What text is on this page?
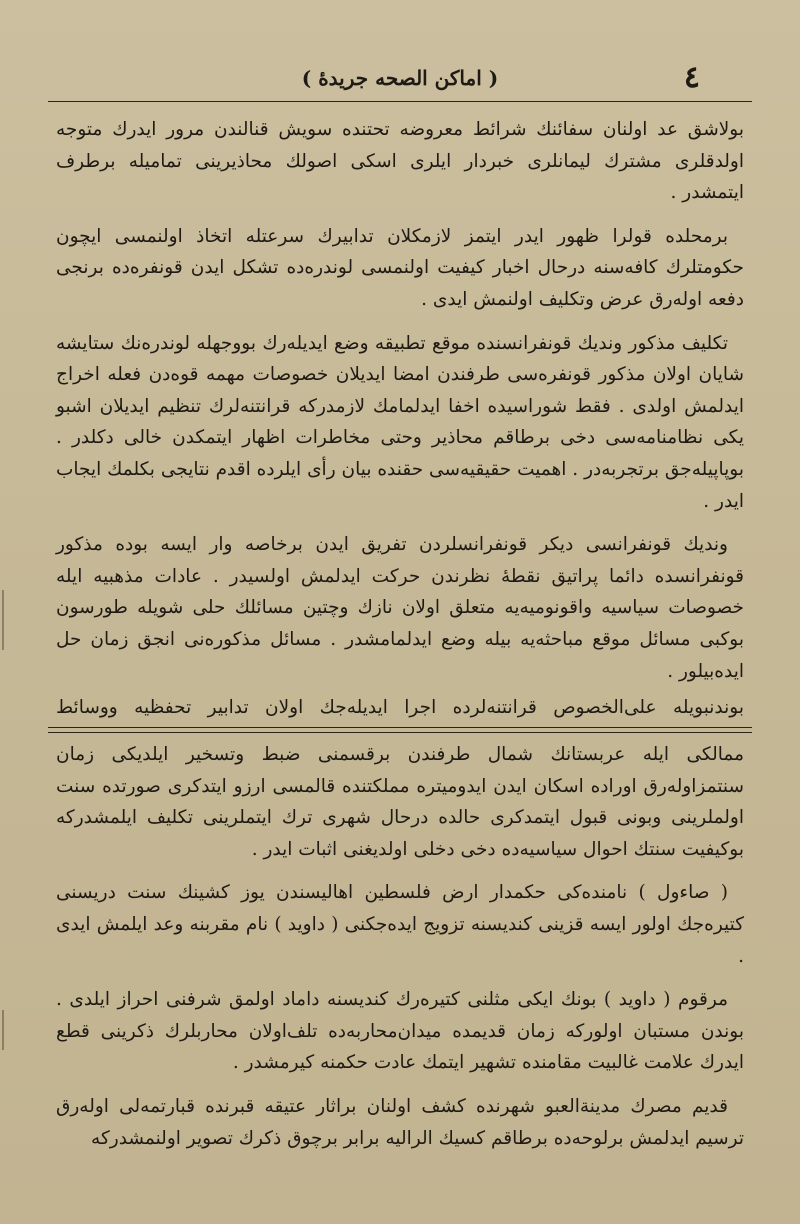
( اماكن الصحه جريدهٔ )	٤

بولاشق عد اولنان سفائنك شرائط معروضه تحتنده سويش قنالندن مرور ايدرك متوجه اولدقلرى مشترك ليمانلرى خبردار ايلرى اسكى اصولك محاذيرينى تماميله برطرف ايتمشدر .

برمحلده قولرا ظهور ايدر ايتمز لازمكلان تدابيرك سرعتله اتخاذ اولنمسى ايچون حكومتلرك كافه‌سنه درحال اخبار كيفيت اولنمسى لوندره‌ده تشكل ايدن قونفره‌ده برنجى دفعه اوله‌رق عرض وتكليف اولنمش ايدى .

تكليف مذكور ونديك قونفرانسنده موقع تطبيقه وضع ايديله‌رك بووجهله لوندره‌نك ستايشه شايان اولان مذكور قونفره‌سى طرفندن امضا ايديلان خصوصات مهمه قوه‌دن فعله اخراج ايدلمش اولدى . فقط شوراسيده اخفا ايدلمامك لازمدركه قرانتنه‌لرك تنظيم ايديلان اشبو يكى نظامنامه‌سى دخى برطاقم محاذير وحتى مخاطرات اظهار ايتمكدن خالى دكلدر . بوپاپيله‌جق برتجربه‌در . اهميت حقيقيه‌سى حقنده بيان رأى ايلرده اقدم نتايجى بكلمك ايجاب ايدر .

ونديك قونفرانسى ديكر قونفرانسلردن تفريق ايدن برخاصه وار ايسه بوده مذكور قونفرانسده دائما پراتيق نقطهٔ نظرندن حركت ايدلمش اولسيدر . عادات مذهبيه ايله خصوصات سياسيه واقونوميه‌يه متعلق اولان نازك وچتين مسائلك حلى شويله طورسون بوكبى مسائل موقع مباحثه‌يه بيله وضع ايدلمامشدر . مسائل مذكوره‌نى انجق زمان حل ايده‌بيلور .

بوندنبويله على‌الخصوص قرانتنه‌لرده اجرا ايديله‌جك اولان تدابير تحفظيه ووسائط

ممالكى ايله عربستانك شمال طرفندن برقسمنى ضبط وتسخير ايلديكى زمان سنتمزاوله‌رق اوراده اسكان ايدن ايدوميتره مملكتنده قالمسى ارزو ايتدكرى صورتده سنت اولملرينى وبونى قبول ايتمدكرى حالده درحال شهرى ترك ايتملرينى تكليف ايلمشدركه بوكيفيت سنتك احوال سياسيه‌ده دخى دخلى اولديغنى اثبات ايدر .

( صاءول ) نامنده‌كى حكمدار ارض فلسطين اهاليسندن يوز كشينك سنت دريسنى كتيره‌جك اولور ايسه قزينى كنديسنه تزويج ايده‌جكنى ( داويد ) نام مقربنه وعد ايلمش ايدى .

مرقوم ( داويد ) بونك ايكى مثلنى كتيره‌رك كنديسنه داماد اولمق شرفنى احراز ايلدى . بوندن مستبان اولوركه زمان قديمده ميدان‌محاربه‌ده تلف‌اولان محاربلرك ذكرينى قطع ايدرك علامت غالبيت مقامنده تشهير ايتمك عادت حكمنه كيرمشدر .

قديم مصرك مدينةالعبو شهرنده كشف اولنان براثار عتيقه قبرنده قبارتمه‌لى اوله‌رق ترسيم ايدلمش برلوحه‌ده برطاقم كسيك الراليه برابر برچوق ذكرك تصوير اولنمشدركه
